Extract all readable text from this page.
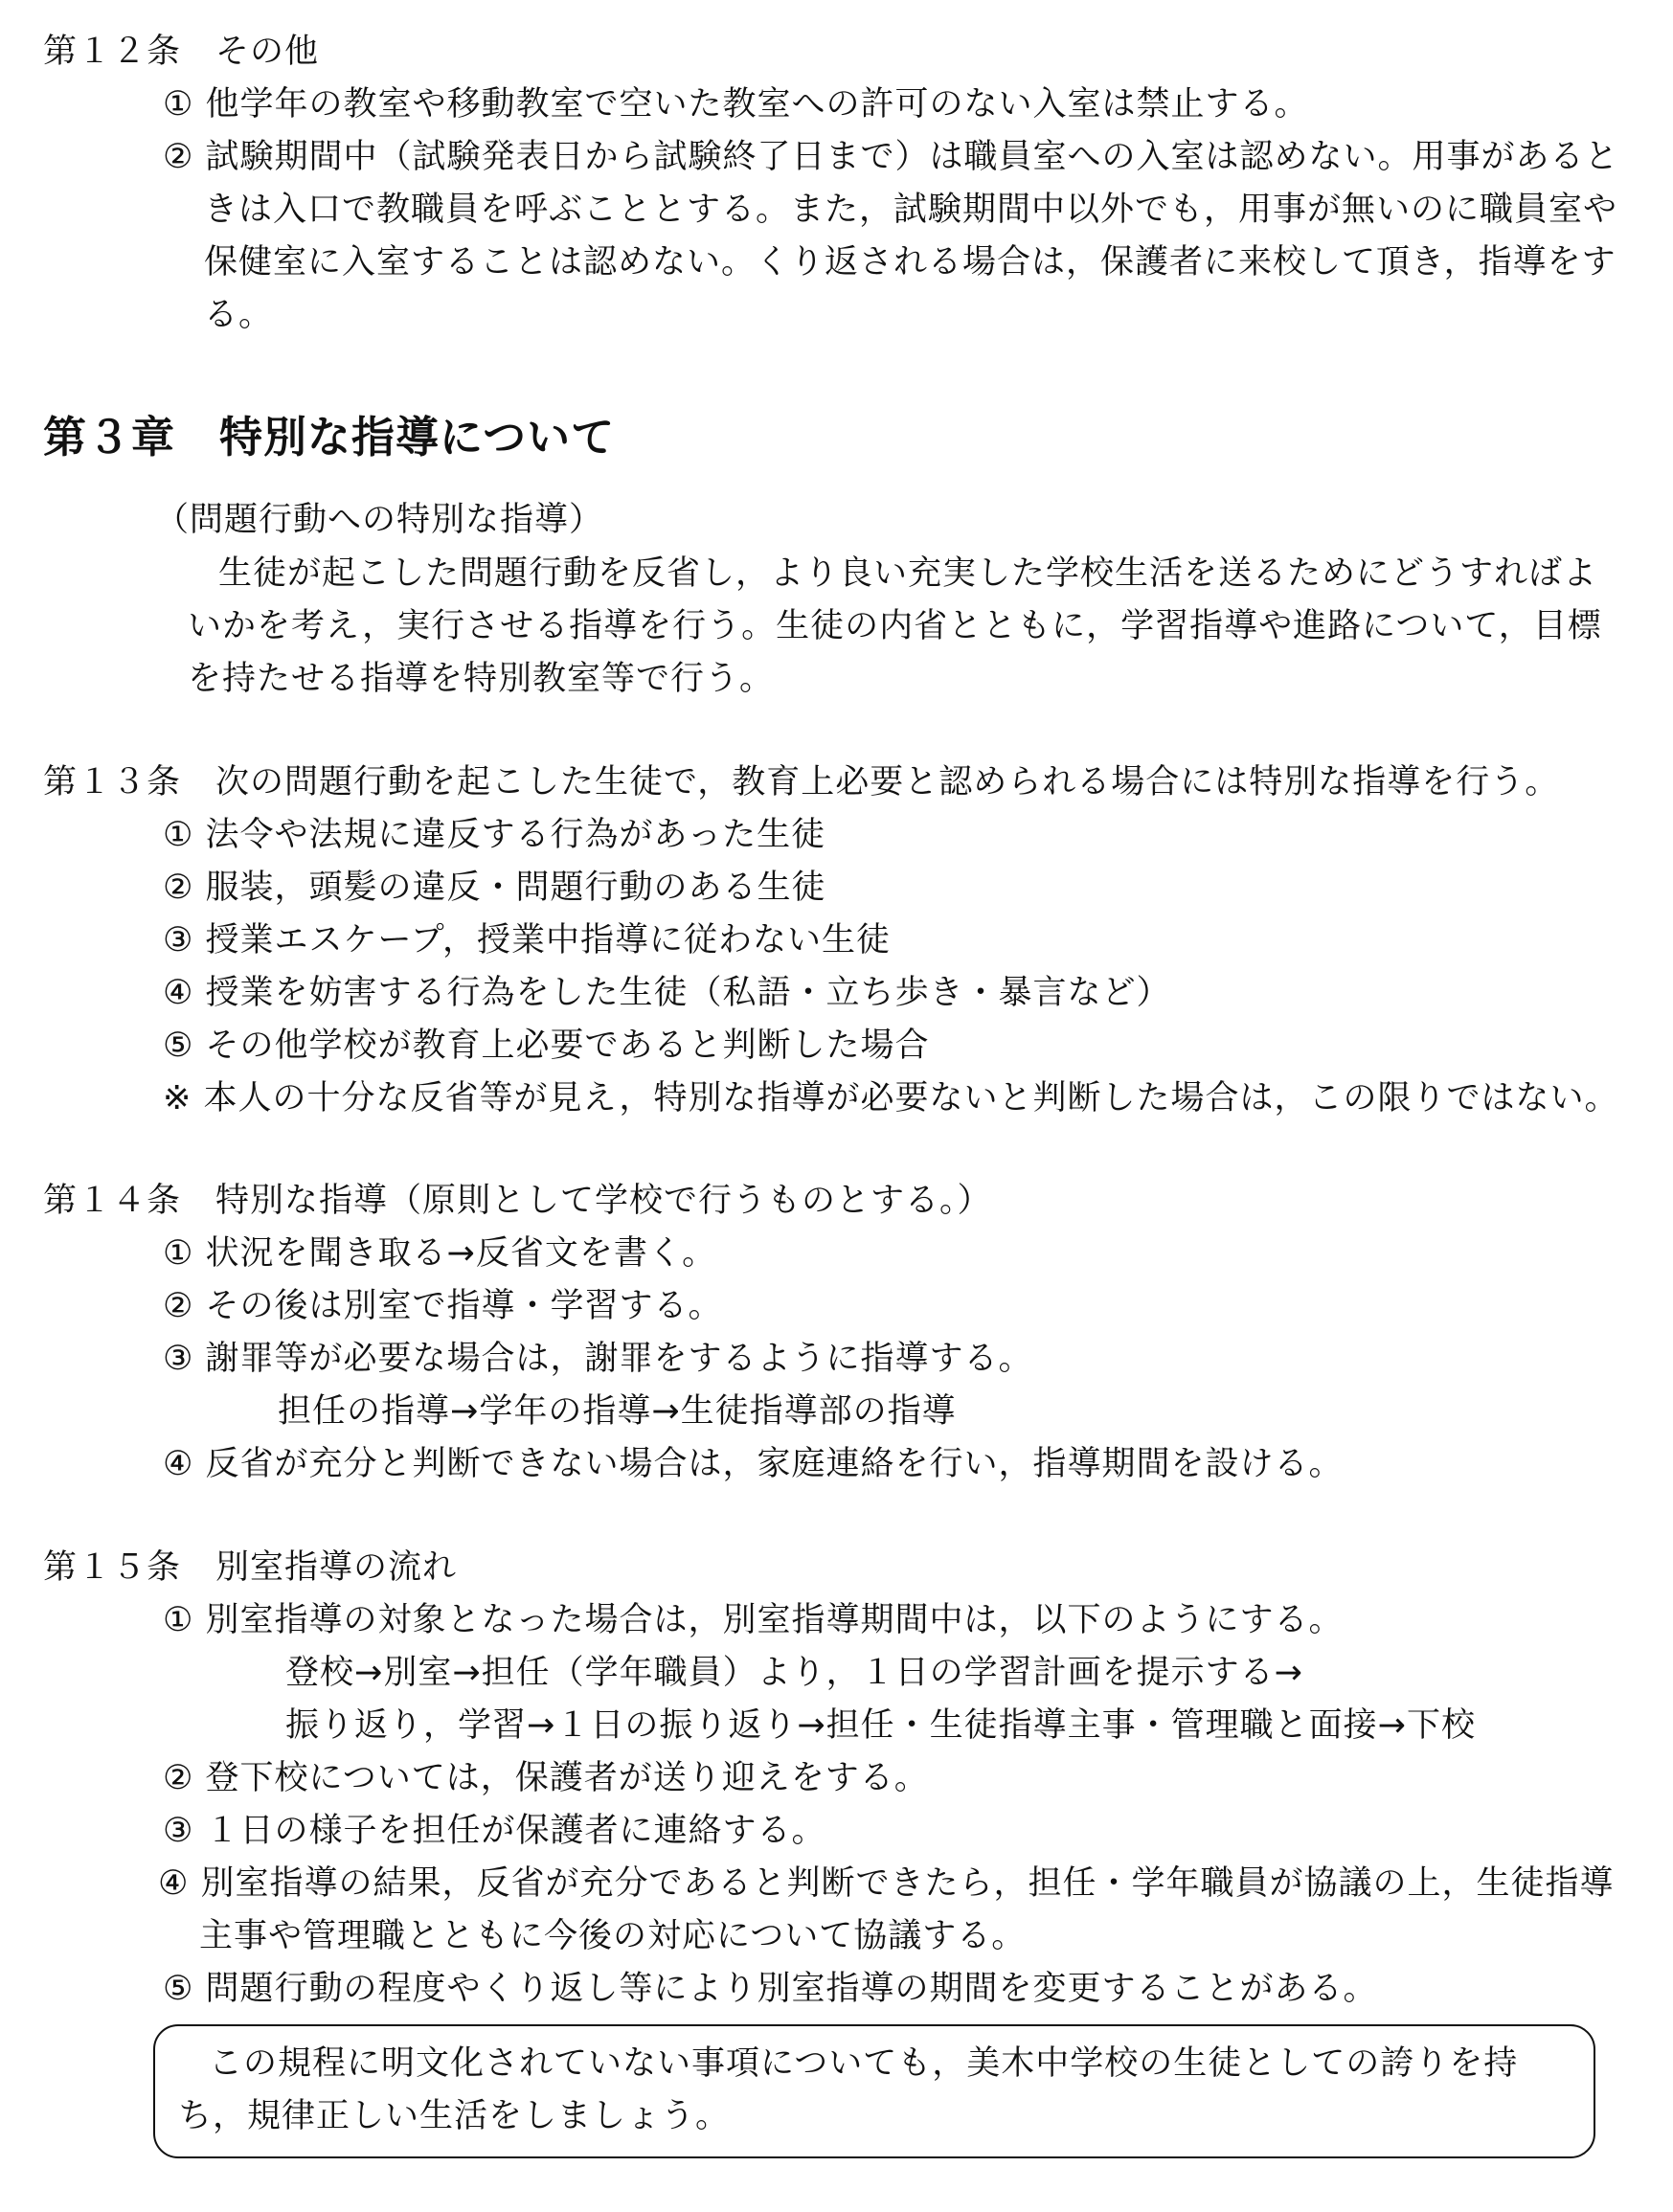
第１２条　その他
① 他学年の教室や移動教室で空いた教室への許可のない入室は禁止する。
② 試験期間中（試験発表日から試験終了日まで）は職員室への入室は認めない。用事があると
きは入口で教職員を呼ぶこととする。また，試験期間中以外でも，用事が無いのに職員室や
保健室に入室することは認めない。くり返される場合は，保護者に来校して頂き，指導をす
る。
第３章　特別な指導について
（問題行動への特別な指導）
生徒が起こした問題行動を反省し，より良い充実した学校生活を送るためにどうすればよ
いかを考え，実行させる指導を行う。生徒の内省とともに，学習指導や進路について，目標
を持たせる指導を特別教室等で行う。
第１３条　次の問題行動を起こした生徒で，教育上必要と認められる場合には特別な指導を行う。
① 法令や法規に違反する行為があった生徒
② 服装，頭髪の違反・問題行動のある生徒
③ 授業エスケープ，授業中指導に従わない生徒
④ 授業を妨害する行為をした生徒（私語・立ち歩き・暴言など）
⑤ その他学校が教育上必要であると判断した場合
※ 本人の十分な反省等が見え，特別な指導が必要ないと判断した場合は，この限りではない。
第１４条　特別な指導（原則として学校で行うものとする。）
① 状況を聞き取る→反省文を書く。
② その後は別室で指導・学習する。
③ 謝罪等が必要な場合は，謝罪をするように指導する。
担任の指導→学年の指導→生徒指導部の指導
④ 反省が充分と判断できない場合は，家庭連絡を行い，指導期間を設ける。
第１５条　別室指導の流れ
① 別室指導の対象となった場合は，別室指導期間中は，以下のようにする。
登校→別室→担任（学年職員）より，１日の学習計画を提示する→
振り返り，学習→１日の振り返り→担任・生徒指導主事・管理職と面接→下校
② 登下校については，保護者が送り迎えをする。
③ １日の様子を担任が保護者に連絡する。
④ 別室指導の結果，反省が充分であると判断できたら，担任・学年職員が協議の上，生徒指導
主事や管理職とともに今後の対応について協議する。
⑤ 問題行動の程度やくり返し等により別室指導の期間を変更することがある。
この規程に明文化されていない事項についても，美木中学校の生徒としての誇りを持
ち，規律正しい生活をしましょう。
